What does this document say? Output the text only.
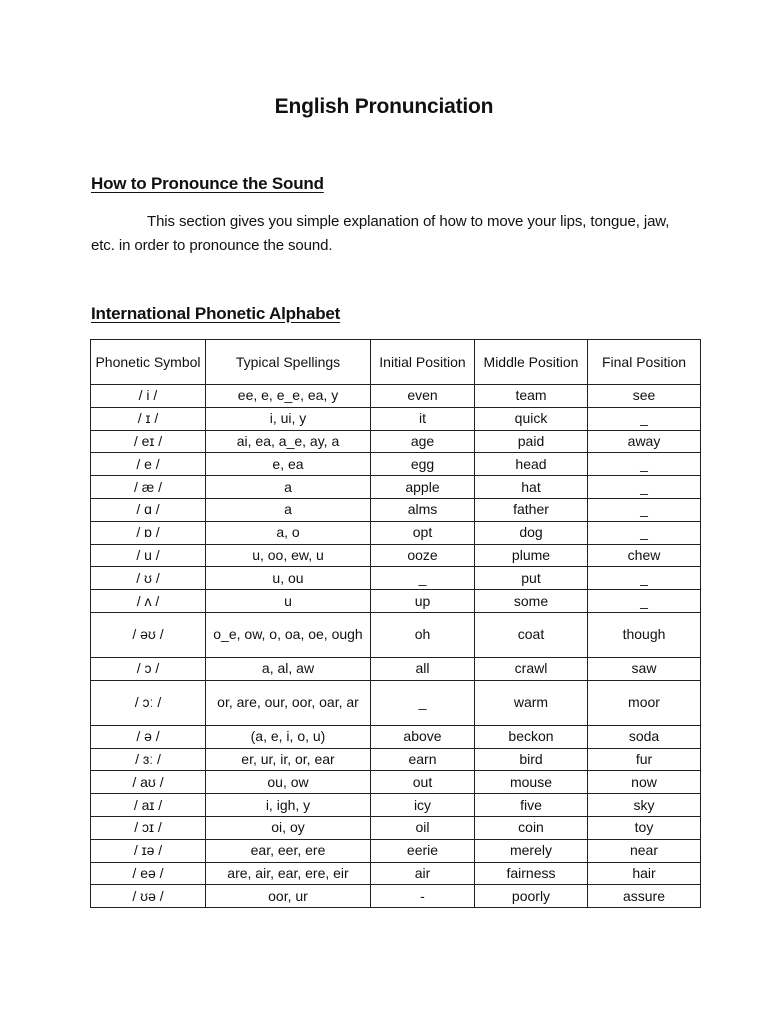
English Pronunciation
How to Pronounce the Sound
This section gives you simple explanation of how to move your lips, tongue, jaw, etc. in order to pronounce the sound.
International Phonetic Alphabet
Phonetic Symbol	Typical Spellings	Initial Position	Middle Position	Final Position
/ i /	ee, e, e_e, ea, y	even	team	see
/ ɪ /	i, ui, y	it	quick	_
/ eɪ /	ai, ea, a_e, ay, a	age	paid	away
/ e /	e, ea	egg	head	_
/ æ /	a	apple	hat	_
/ ɑ /	a	alms	father	_
/ ɒ /	a, o	opt	dog	_
/ u /	u, oo, ew, u	ooze	plume	chew
/ ʊ /	u, ou	_	put	_
/ ʌ /	u	up	some	_
/ əʊ /	o_e, ow, o, oa, oe, ough	oh	coat	though
/ ɔ /	a, al, aw	all	crawl	saw
/ ɔː /	or, are, our, oor, oar, ar	_	warm	moor
/ ə /	(a, e, i, o, u)	above	beckon	soda
/ ɜː /	er, ur, ir, or, ear	earn	bird	fur
/ aʊ /	ou, ow	out	mouse	now
/ aɪ /	i, igh, y	icy	five	sky
/ ɔɪ /	oi, oy	oil	coin	toy
/ ɪə /	ear, eer, ere	eerie	merely	near
/ eə /	are, air, ear, ere, eir	air	fairness	hair
/ ʊə /	oor, ur	-	poorly	assure
